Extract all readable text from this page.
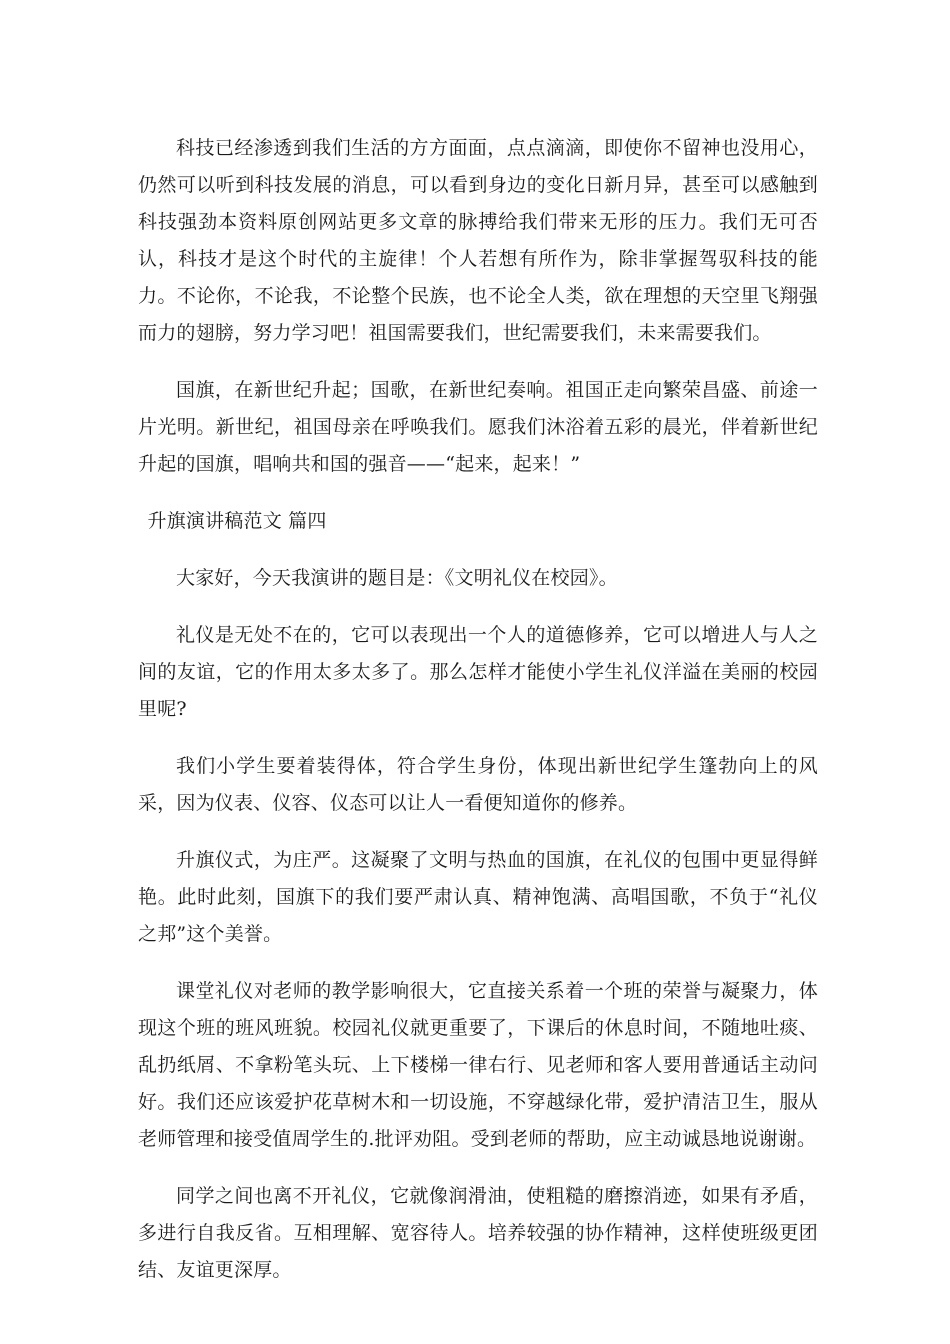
科技已经渗透到我们生活的方方面面，点点滴滴，即使你不留神也没用心，仍然可以听到科技发展的消息，可以看到身边的变化日新月异，甚至可以感触到科技强劲本资料原创网站更多文章的脉搏给我们带来无形的压力。我们无可否认，科技才是这个时代的主旋律！个人若想有所作为，除非掌握驾驭科技的能力。不论你，不论我，不论整个民族，也不论全人类，欲在理想的天空里飞翔强而力的翅膀，努力学习吧！祖国需要我们，世纪需要我们，未来需要我们。

国旗，在新世纪升起；国歌，在新世纪奏响。祖国正走向繁荣昌盛、前途一片光明。新世纪，祖国母亲在呼唤我们。愿我们沐浴着五彩的晨光，伴着新世纪升起的国旗，唱响共和国的强音——“起来，起来！”

升旗演讲稿范文 篇四

大家好，今天我演讲的题目是：《文明礼仪在校园》。

礼仪是无处不在的，它可以表现出一个人的道德修养，它可以增进人与人之间的友谊，它的作用太多太多了。那么怎样才能使小学生礼仪洋溢在美丽的校园里呢?

我们小学生要着装得体，符合学生身份，体现出新世纪学生篷勃向上的风采，因为仪表、仪容、仪态可以让人一看便知道你的修养。

升旗仪式，为庄严。这凝聚了文明与热血的国旗，在礼仪的包围中更显得鲜艳。此时此刻，国旗下的我们要严肃认真、精神饱满、高唱国歌，不负于“礼仪之邦”这个美誉。

课堂礼仪对老师的教学影响很大，它直接关系着一个班的荣誉与凝聚力，体现这个班的班风班貌。校园礼仪就更重要了，下课后的休息时间，不随地吐痰、乱扔纸屑、不拿粉笔头玩、上下楼梯一律右行、见老师和客人要用普通话主动问好。我们还应该爱护花草树木和一切设施，不穿越绿化带，爱护清洁卫生，服从老师管理和接受值周学生的.批评劝阻。受到老师的帮助，应主动诚恳地说谢谢。

同学之间也离不开礼仪，它就像润滑油，使粗糙的磨擦消迹，如果有矛盾，多进行自我反省。互相理解、宽容待人。培养较强的协作精神，这样使班级更团结、友谊更深厚。
